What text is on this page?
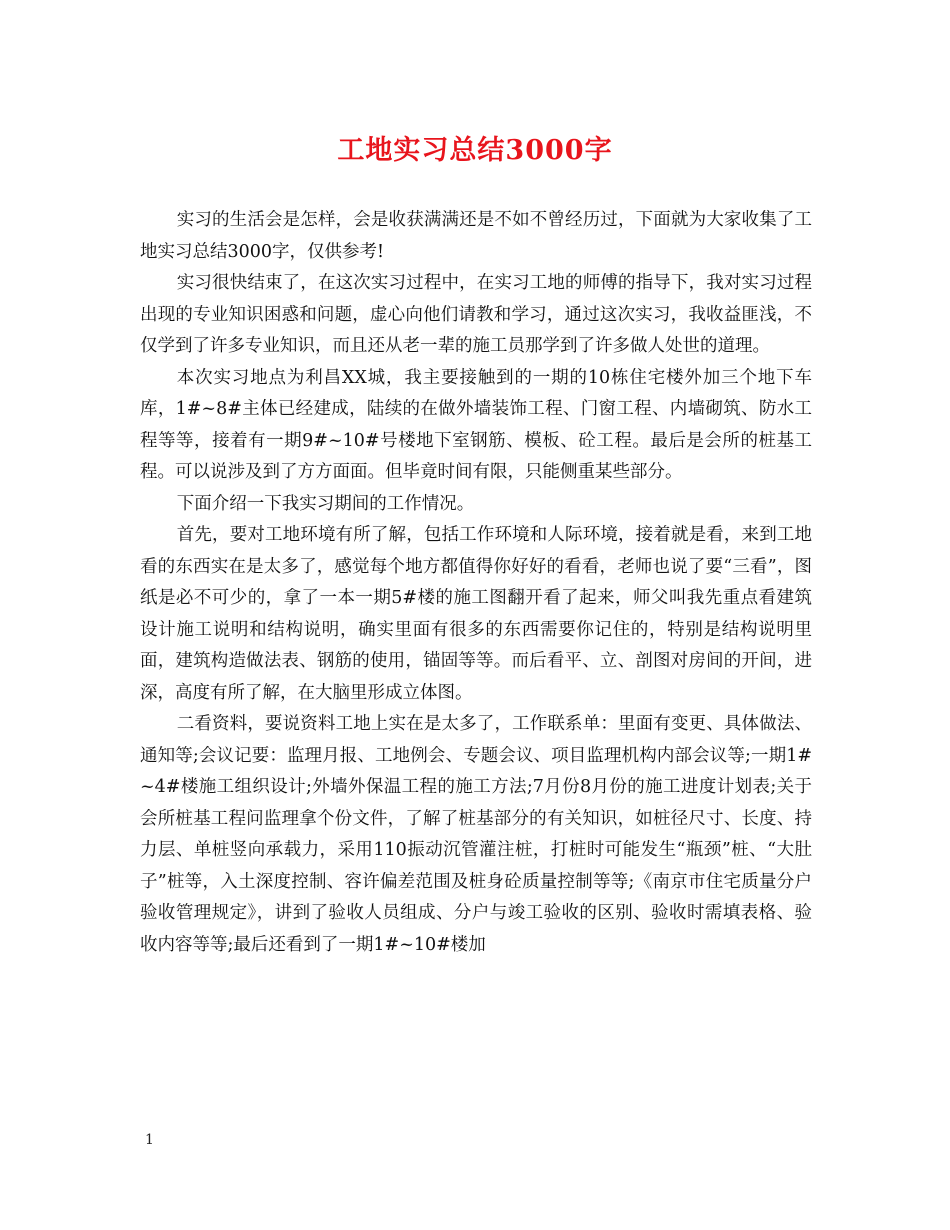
工地实习总结3000字

实习的生活会是怎样，会是收获满满还是不如不曾经历过，下面就为大家收集了工地实习总结3000字，仅供参考!

实习很快结束了，在这次实习过程中，在实习工地的师傅的指导下，我对实习过程出现的专业知识困惑和问题，虚心向他们请教和学习，通过这次实习，我收益匪浅，不仅学到了许多专业知识，而且还从老一辈的施工员那学到了许多做人处世的道理。

本次实习地点为利昌XX城，我主要接触到的一期的10栋住宅楼外加三个地下车库，1#~8#主体已经建成，陆续的在做外墙装饰工程、门窗工程、内墙砌筑、防水工程等等，接着有一期9#~10#号楼地下室钢筋、模板、砼工程。最后是会所的桩基工程。可以说涉及到了方方面面。但毕竟时间有限，只能侧重某些部分。

下面介绍一下我实习期间的工作情况。

首先，要对工地环境有所了解，包括工作环境和人际环境，接着就是看，来到工地看的东西实在是太多了，感觉每个地方都值得你好好的看看，老师也说了要“三看”，图纸是必不可少的，拿了一本一期5#楼的施工图翻开看了起来，师父叫我先重点看建筑设计施工说明和结构说明，确实里面有很多的东西需要你记住的，特别是结构说明里面，建筑构造做法表、钢筋的使用，锚固等等。而后看平、立、剖图对房间的开间，进深，高度有所了解，在大脑里形成立体图。

二看资料，要说资料工地上实在是太多了，工作联系单：里面有变更、具体做法、通知等;会议记要：监理月报、工地例会、专题会议、项目监理机构内部会议等;一期1#~4#楼施工组织设计;外墙外保温工程的施工方法;7月份8月份的施工进度计划表;关于会所桩基工程问监理拿个份文件，了解了桩基部分的有关知识，如桩径尺寸、长度、持力层、单桩竖向承载力，采用110振动沉管灌注桩，打桩时可能发生“瓶颈”桩、“大肚子”桩等，入土深度控制、容许偏差范围及桩身砼质量控制等等;《南京市住宅质量分户验收管理规定》，讲到了验收人员组成、分户与竣工验收的区别、验收时需填表格、验收内容等等;最后还看到了一期1#~10#楼加

1
